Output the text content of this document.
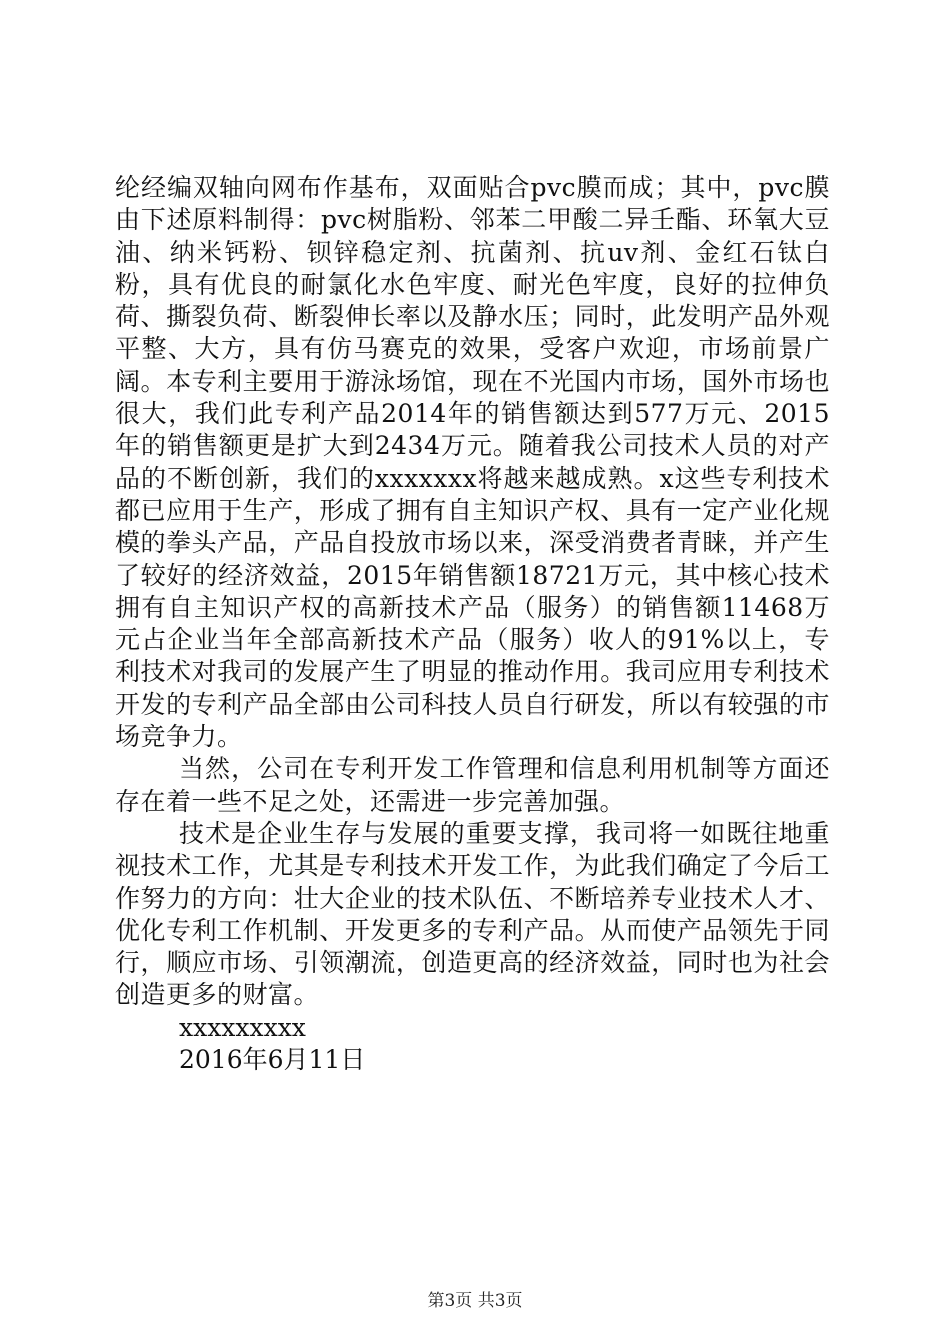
纶经编双轴向网布作基布，双面贴合pvc膜而成；其中，pvc膜由下述原料制得：pvc树脂粉、邻苯二甲酸二异壬酯、环氧大豆油、纳米钙粉、钡锌稳定剂、抗菌剂、抗uv剂、金红石钛白粉，具有优良的耐氯化水色牢度、耐光色牢度，良好的拉伸负荷、撕裂负荷、断裂伸长率以及静水压；同时，此发明产品外观平整、大方，具有仿马赛克的效果，受客户欢迎，市场前景广阔。本专利主要用于游泳场馆，现在不光国内市场，国外市场也很大，我们此专利产品2014年的销售额达到577万元、2015年的销售额更是扩大到2434万元。随着我公司技术人员的对产品的不断创新，我们的xxxxxxx将越来越成熟。x这些专利技术都已应用于生产，形成了拥有自主知识产权、具有一定产业化规模的拳头产品，产品自投放市场以来，深受消费者青睐，并产生了较好的经济效益，2015年销售额18721万元，其中核心技术拥有自主知识产权的高新技术产品（服务）的销售额11468万元占企业当年全部高新技术产品（服务）收人的91%以上，专利技术对我司的发展产生了明显的推动作用。我司应用专利技术开发的专利产品全部由公司科技人员自行研发，所以有较强的市场竞争力。

当然，公司在专利开发工作管理和信息利用机制等方面还存在着一些不足之处，还需进一步完善加强。

技术是企业生存与发展的重要支撑，我司将一如既往地重视技术工作，尤其是专利技术开发工作，为此我们确定了今后工作努力的方向：壮大企业的技术队伍、不断培养专业技术人才、优化专利工作机制、开发更多的专利产品。从而使产品领先于同行，顺应市场、引领潮流，创造更高的经济效益，同时也为社会创造更多的财富。

xxxxxxxxx

2016年6月11日

第3页 共3页
